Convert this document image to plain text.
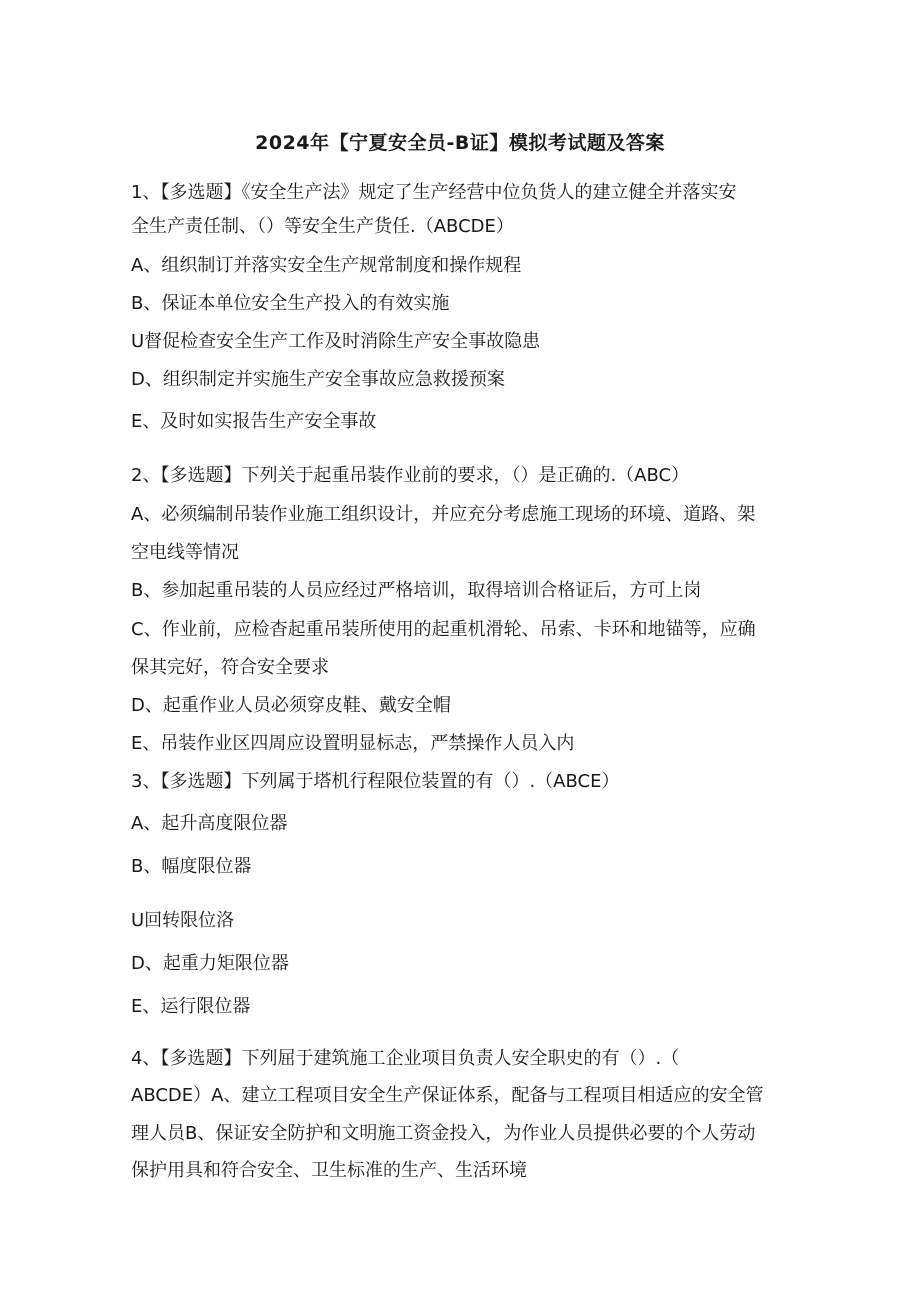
2024年【宁夏安全员-B证】模拟考试题及答案
1、【多选题】《安全生产法》规定了生产经营中位负货人的建立健全并落实安
全生产责任制、（）等安全生产货任.（ABCDE）
A、组织制订并落实安全生产规常制度和操作规程
B、保证本单位安全生产投入的有效实施
U督促检查安全生产工作及时消除生产安全事故隐患
D、组织制定并实施生产安全事故应急救援预案
E、及时如实报告生产安全事故
2、【多选题】下列关于起重吊装作业前的要求，（）是正确的.（ABC）
A、必须编制吊装作业施工组织设计，并应充分考虑施工现场的环境、道路、架
空电线等情况
B、参加起重吊装的人员应经过严格培训，取得培训合格证后，方可上岗
C、作业前，应检杳起重吊装所使用的起重机滑轮、吊索、卡环和地锚等，应确
保其完好，符合安全要求
D、起重作业人员必须穿皮鞋、戴安全帽
E、吊装作业区四周应设置明显标志，严禁操作人员入内
3、【多选题】下列属于塔机行程限位装置的有（）.（ABCE）
A、起升高度限位器
B、幅度限位器
U回转限位洛
D、起重力矩限位器
E、运行限位器
4、【多选题】下列屈于建筑施工企业项目负责人安全职史的有（）.（
ABCDE）A、建立工程项目安全生产保证体系，配备与工程项目相适应的安全管
理人员B、保证安全防护和文明施工资金投入，为作业人员提供必要的个人劳动
保护用具和符合安全、卫生标准的生产、生活环境
